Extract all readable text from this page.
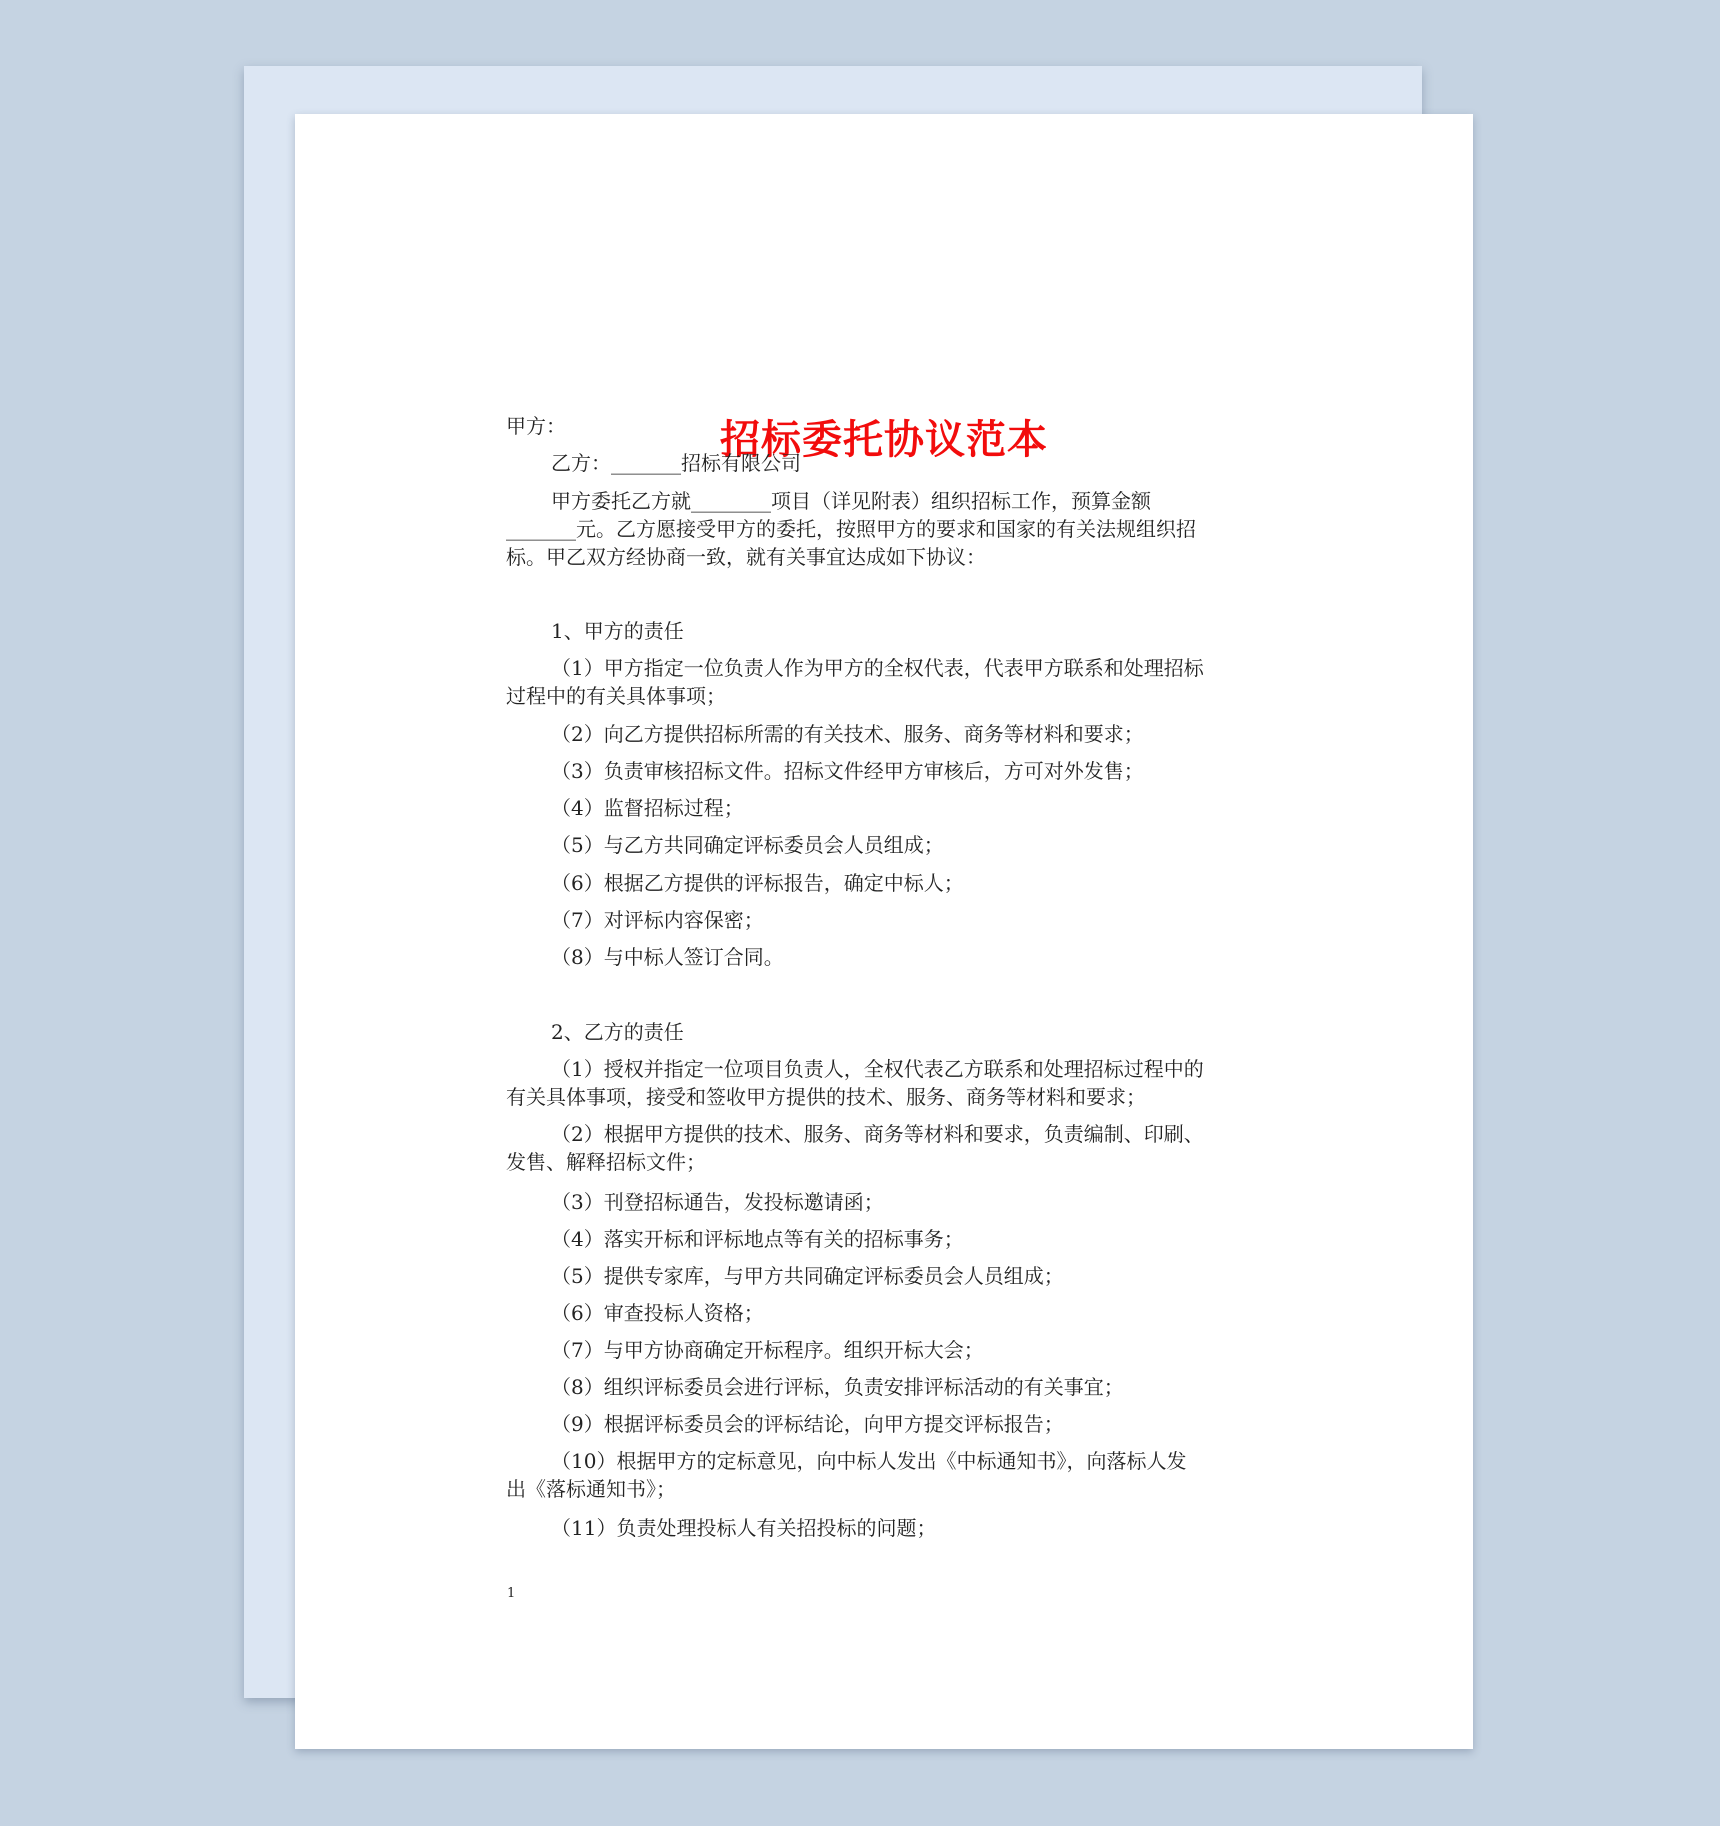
招标委托协议范本
甲方：
乙方：_______招标有限公司
甲方委托乙方就________项目（详见附表）组织招标工作，预算金额
_______元。乙方愿接受甲方的委托，按照甲方的要求和国家的有关法规组织招
标。甲乙双方经协商一致，就有关事宜达成如下协议：
1、甲方的责任
（1）甲方指定一位负责人作为甲方的全权代表，代表甲方联系和处理招标
过程中的有关具体事项；
（2）向乙方提供招标所需的有关技术、服务、商务等材料和要求；
（3）负责审核招标文件。招标文件经甲方审核后，方可对外发售；
（4）监督招标过程；
（5）与乙方共同确定评标委员会人员组成；
（6）根据乙方提供的评标报告，确定中标人；
（7）对评标内容保密；
（8）与中标人签订合同。
2、乙方的责任
（1）授权并指定一位项目负责人，全权代表乙方联系和处理招标过程中的
有关具体事项，接受和签收甲方提供的技术、服务、商务等材料和要求；
（2）根据甲方提供的技术、服务、商务等材料和要求，负责编制、印刷、
发售、解释招标文件；
（3）刊登招标通告，发投标邀请函；
（4）落实开标和评标地点等有关的招标事务；
（5）提供专家库，与甲方共同确定评标委员会人员组成；
（6）审查投标人资格；
（7）与甲方协商确定开标程序。组织开标大会；
（8）组织评标委员会进行评标，负责安排评标活动的有关事宜；
（9）根据评标委员会的评标结论，向甲方提交评标报告；
（10）根据甲方的定标意见，向中标人发出《中标通知书》，向落标人发
出《落标通知书》；
（11）负责处理投标人有关招投标的问题；
1
